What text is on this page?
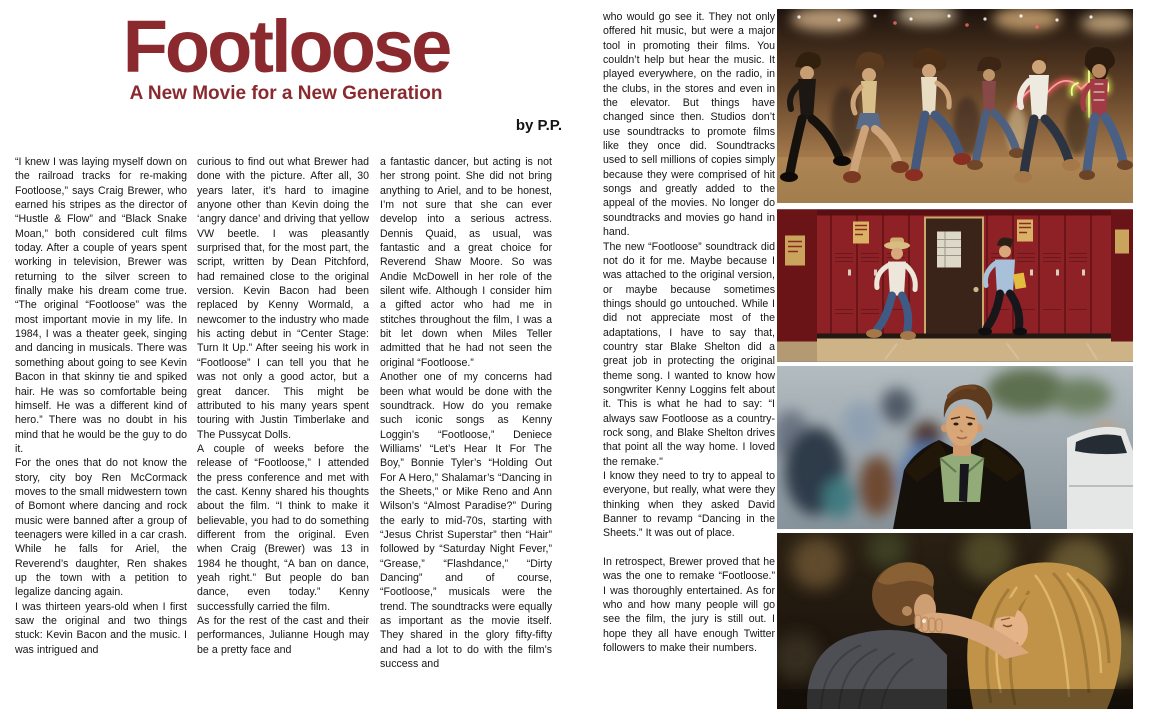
Footloose
A New Movie for a New Generation
by P.P.

“I knew I was laying myself down on the railroad tracks for re-making Footloose,” says Craig Brewer, who earned his stripes as the director of “Hustle & Flow” and “Black Snake Moan,” both considered cult films today. After a couple of years spent working in television, Brewer was returning to the silver screen to finally make his dream come true. “The original “Footloose” was the most important movie in my life. In 1984, I was a theater geek, singing and dancing in musicals. There was something about going to see Kevin Bacon in that skinny tie and spiked hair. He was so comfortable being himself. He was a different kind of hero.” There was no doubt in his mind that he would be the guy to do it.

For the ones that do not know the story, city boy Ren McCormack moves to the small midwestern town of Bomont where dancing and rock music were banned after a group of teenagers were killed in a car crash. While he falls for Ariel, the Reverend’s daughter, Ren shakes up the town with a petition to legalize dancing again.

I was thirteen years-old when I first saw the original and two things stuck: Kevin Bacon and the music. I was intrigued and

curious to find out what Brewer had done with the picture. After all, 30 years later, it’s hard to imagine anyone other than Kevin doing the ‘angry dance’ and driving that yellow VW beetle. I was pleasantly surprised that, for the most part, the script, written by Dean Pitchford, had remained close to the original version. Kevin Bacon had been replaced by Kenny Wormald, a newcomer to the industry who made his acting debut in “Center Stage: Turn It Up.” After seeing his work in “Footloose” I can tell you that he was not only a good actor, but a great dancer. This might be attributed to his many years spent touring with Justin Timberlake and The Pussycat Dolls.

A couple of weeks before the release of “Footloose,” I attended the press conference and met with the cast. Kenny shared his thoughts about the film. “I think to make it believable, you had to do something different from the original. Even when Craig (Brewer) was 13 in 1984 he thought, “A ban on dance, yeah right.” But people do ban dance, even today.” Kenny successfully carried the film.

As for the rest of the cast and their performances, Julianne Hough may be a pretty face and

a fantastic dancer, but acting is not her strong point. She did not bring anything to Ariel, and to be honest, I’m not sure that she can ever develop into a serious actress. Dennis Quaid, as usual, was fantastic and a great choice for Reverend Shaw Moore. So was Andie McDowell in her role of the silent wife. Although I consider him a gifted actor who had me in stitches throughout the film, I was a bit let down when Miles Teller admitted that he had not seen the original “Footloose.”

Another one of my concerns had been what would be done with the soundtrack. How do you remake such iconic songs as Kenny Loggin’s “Footloose,” Deniece Williams’ “Let’s Hear It For The Boy,” Bonnie Tyler’s “Holding Out For A Hero,” Shalamar’s “Dancing in the Sheets,” or Mike Reno and Ann Wilson’s “Almost Paradise?” During the early to mid-70s, starting with “Jesus Christ Superstar” then “Hair” followed by “Saturday Night Fever,” “Grease,” “Flashdance,” “Dirty Dancing” and of course, “Footloose,” musicals were the trend. The soundtracks were equally as important as the movie itself. They shared in the glory fifty-fifty and had a lot to do with the film’s success and

who would go see it. They not only offered hit music, but were a major tool in promoting their films. You couldn’t help but hear the music. It played everywhere, on the radio, in the clubs, in the stores and even in the elevator. But things have changed since then. Studios don’t use soundtracks to promote films like they once did. Soundtracks used to sell millions of copies simply because they were comprised of hit songs and greatly added to the appeal of the movies. No longer do soundtracks and movies go hand in hand.

The new “Footloose” soundtrack did not do it for me. Maybe because I was attached to the original version, or maybe because sometimes things should go untouched. While I did not appreciate most of the adaptations, I have to say that, country star Blake Shelton did a great job in protecting the original theme song. I wanted to know how songwriter Kenny Loggins felt about it. This is what he had to say: “I always saw Footloose as a country-rock song, and Blake Shelton drives that point all the way home. I loved the remake."

I know they need to try to appeal to everyone, but really, what were they thinking when they asked David Banner to revamp “Dancing in the Sheets.” It was out of place.

In retrospect, Brewer proved that he was the one to remake “Footloose.” I was thoroughly entertained. As for who and how many people will go see the film, the jury is still out. I hope they all have enough Twitter followers to make their numbers.
